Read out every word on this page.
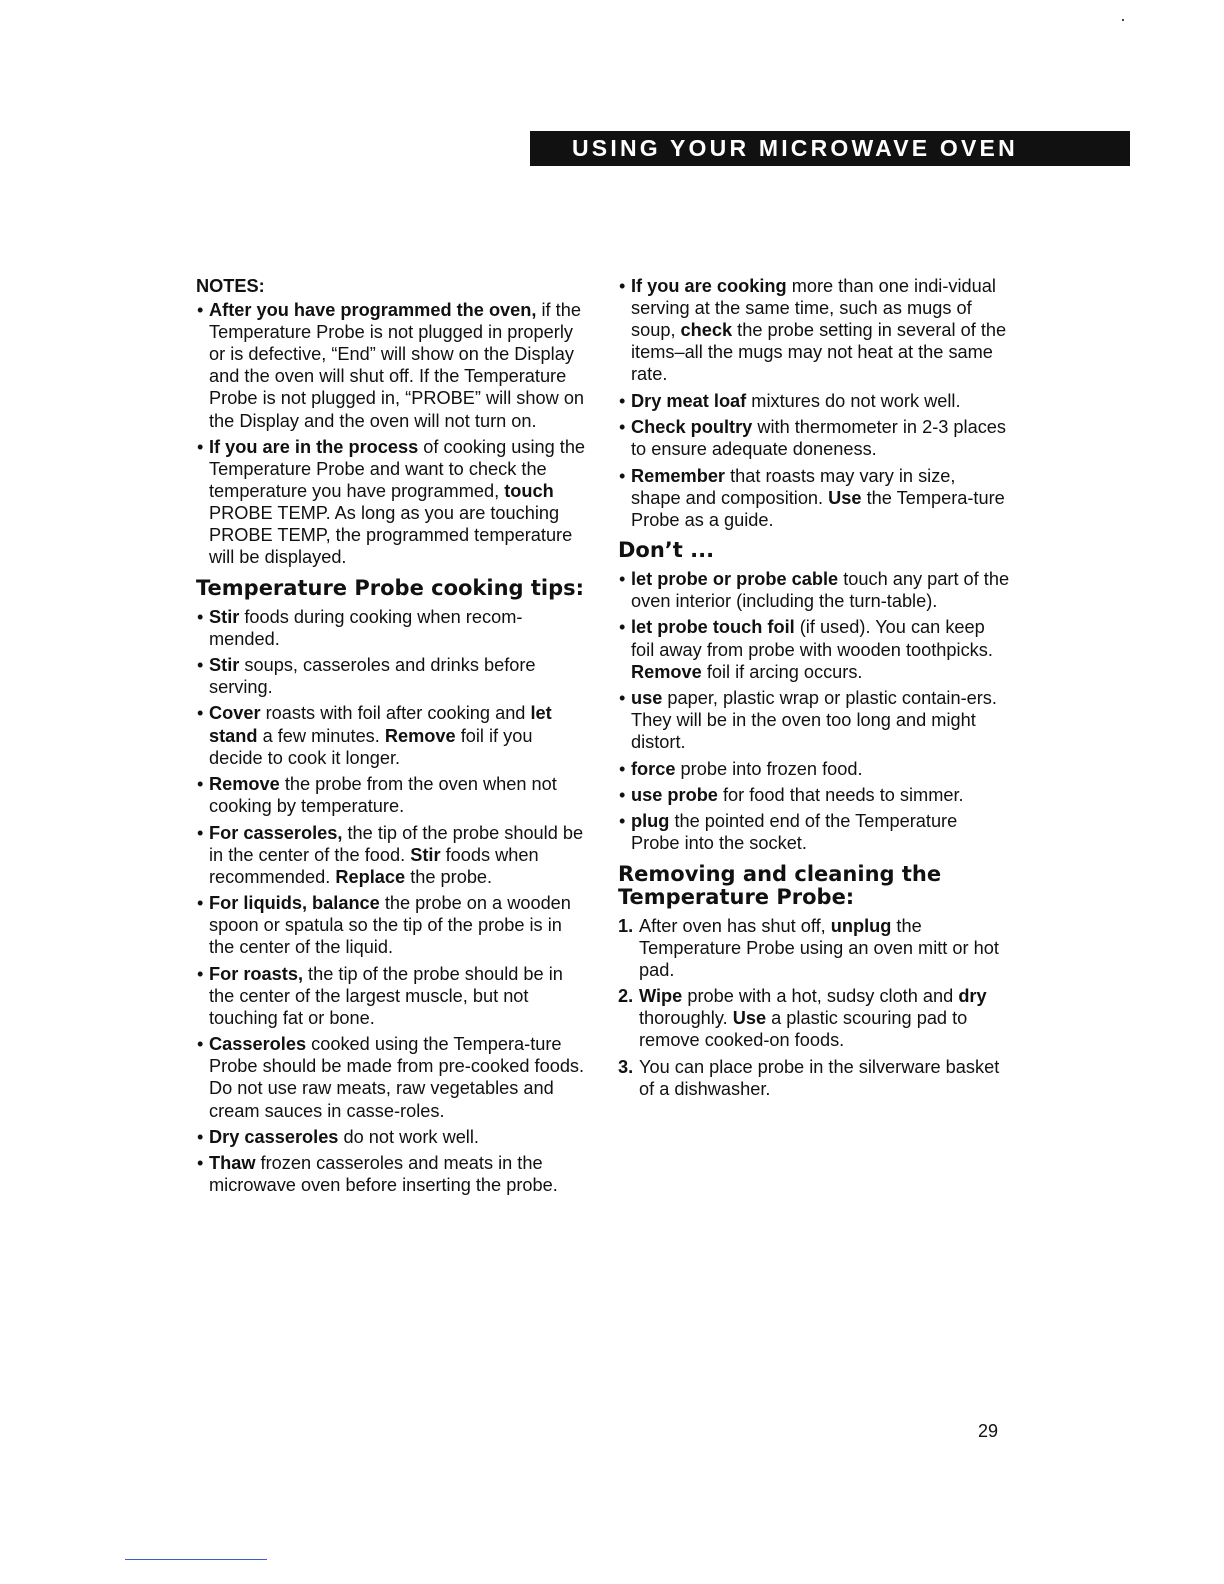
USING YOUR MICROWAVE OVEN
NOTES:
• After you have programmed the oven, if the Temperature Probe is not plugged in properly or is defective, “End” will show on the Display and the oven will shut off. If the Temperature Probe is not plugged in, “PROBE” will show on the Display and the oven will not turn on.
• If you are in the process of cooking using the Temperature Probe and want to check the temperature you have programmed, touch PROBE TEMP. As long as you are touching PROBE TEMP, the programmed temperature will be displayed.
Temperature Probe cooking tips:
• Stir foods during cooking when recom-mended.
• Stir soups, casseroles and drinks before serving.
• Cover roasts with foil after cooking and let stand a few minutes. Remove foil if you decide to cook it longer.
• Remove the probe from the oven when not cooking by temperature.
• For casseroles, the tip of the probe should be in the center of the food. Stir foods when recommended. Replace the probe.
• For liquids, balance the probe on a wooden spoon or spatula so the tip of the probe is in the center of the liquid.
• For roasts, the tip of the probe should be in the center of the largest muscle, but not touching fat or bone.
• Casseroles cooked using the Tempera-ture Probe should be made from pre-cooked foods. Do not use raw meats, raw vegetables and cream sauces in casse-roles.
• Dry casseroles do not work well.
• Thaw frozen casseroles and meats in the microwave oven before inserting the probe.
• If you are cooking more than one indi-vidual serving at the same time, such as mugs of soup, check the probe setting in several of the items–all the mugs may not heat at the same rate.
• Dry meat loaf mixtures do not work well.
• Check poultry with thermometer in 2-3 places to ensure adequate doneness.
• Remember that roasts may vary in size, shape and composition. Use the Tempera-ture Probe as a guide.
Don’t ...
• let probe or probe cable touch any part of the oven interior (including the turn-table).
• let probe touch foil (if used). You can keep foil away from probe with wooden toothpicks. Remove foil if arcing occurs.
• use paper, plastic wrap or plastic contain-ers. They will be in the oven too long and might distort.
• force probe into frozen food.
• use probe for food that needs to simmer.
• plug the pointed end of the Temperature Probe into the socket.
Removing and cleaning the Temperature Probe:
1. After oven has shut off, unplug the Temperature Probe using an oven mitt or hot pad.
2. Wipe probe with a hot, sudsy cloth and dry thoroughly. Use a plastic scouring pad to remove cooked-on foods.
3. You can place probe in the silverware basket of a dishwasher.
29
